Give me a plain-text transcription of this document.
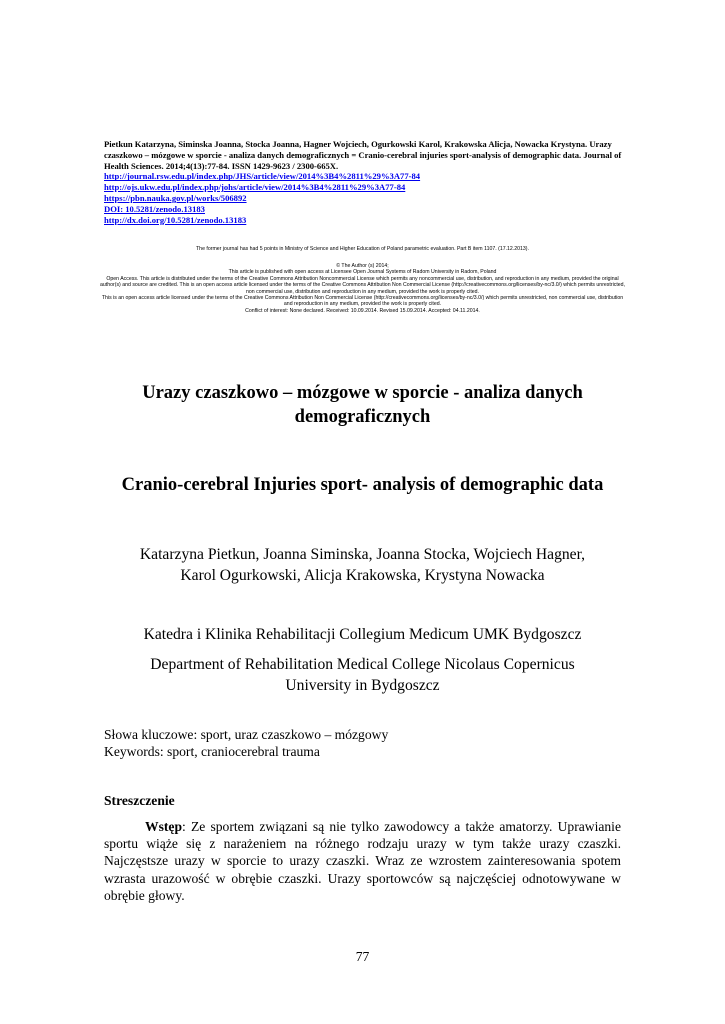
Pietkun Katarzyna, Siminska Joanna, Stocka Joanna, Hagner Wojciech, Ogurkowski Karol, Krakowska Alicja, Nowacka Krystyna. Urazy czaszkowo – mózgowe w sporcie - analiza danych demograficznych = Cranio-cerebral injuries sport-analysis of demographic data. Journal of Health Sciences. 2014;4(13):77-84. ISSN 1429-9623 / 2300-665X.
http://journal.rsw.edu.pl/index.php/JHS/article/view/2014%3B4%2811%29%3A77-84
http://ojs.ukw.edu.pl/index.php/johs/article/view/2014%3B4%2811%29%3A77-84
https://pbn.nauka.gov.pl/works/506892
DOI: 10.5281/zenodo.13183
http://dx.doi.org/10.5281/zenodo.13183
The former journal has had 5 points in Ministry of Science and Higher Education of Poland parametric evaluation. Part B item 1107. (17.12.2013).
© The Author (s) 2014;
This article is published with open access at Licensee Open Journal Systems of Radom University in Radom, Poland
Open Access. This article is distributed under the terms of the Creative Commons Attribution Noncommercial License which permits any noncommercial use, distribution, and reproduction in any medium, provided the original author(s) and source are credited. This is an open access article licensed under the terms of the Creative Commons Attribution Non Commercial License (http://creativecommons.org/licenses/by-nc/3.0/) which permits unrestricted, non commercial use, distribution and reproduction in any medium, provided the work is properly cited.
This is an open access article licensed under the terms of the Creative Commons Attribution Non Commercial License (http://creativecommons.org/licenses/by-nc/3.0/) which permits unrestricted, non commercial use, distribution and reproduction in any medium, provided the work is properly cited.
Conflict of interest: None declared. Received: 10.09.2014. Revised 15.09.2014. Accepted: 04.11.2014.
Urazy czaszkowo – mózgowe w sporcie - analiza danych demograficznych
Cranio-cerebral Injuries sport- analysis of demographic data
Katarzyna Pietkun, Joanna Siminska, Joanna Stocka, Wojciech Hagner,
Karol Ogurkowski, Alicja Krakowska, Krystyna Nowacka
Katedra i Klinika Rehabilitacji Collegium Medicum UMK Bydgoszcz
Department of Rehabilitation Medical College Nicolaus Copernicus University in Bydgoszcz
Słowa kluczowe: sport, uraz czaszkowo – mózgowy
Keywords: sport, craniocerebral trauma
Streszczenie

Wstęp: Ze sportem związani są nie tylko zawodowcy a także amatorzy. Uprawianie sportu wiąże się z narażeniem na różnego rodzaju urazy w tym także urazy czaszki. Najczęstsze urazy w sporcie to urazy czaszki. Wraz ze wzrostem zainteresowania spotem wzrasta urazowość w obrębie czaszki. Urazy sportowców są najczęściej odnotowywane w obrębie głowy.

77
